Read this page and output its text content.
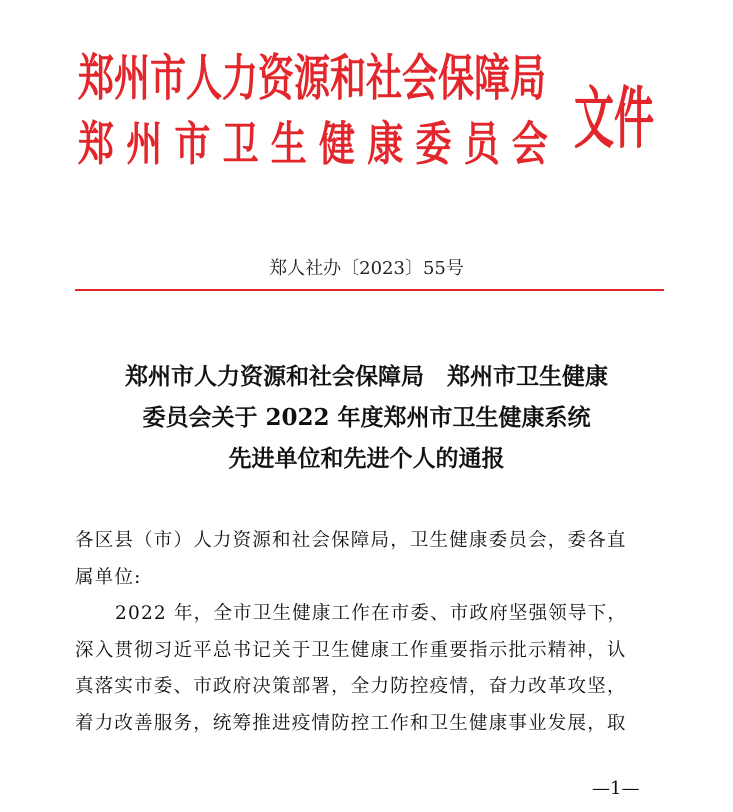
郑州市人力资源和社会保障局
郑州市卫生健康委员会 文件
郑人社办〔2023〕55号
郑州市人力资源和社会保障局　郑州市卫生健康
委员会关于 2022 年度郑州市卫生健康系统
先进单位和先进个人的通报
各区县（市）人力资源和社会保障局，卫生健康委员会，委各直
属单位:
2022 年，全市卫生健康工作在市委、市政府坚强领导下，
深入贯彻习近平总书记关于卫生健康工作重要指示批示精神，认
真落实市委、市政府决策部署，全力防控疫情，奋力改革攻坚，
着力改善服务，统筹推进疫情防控工作和卫生健康事业发展，取
—1—
